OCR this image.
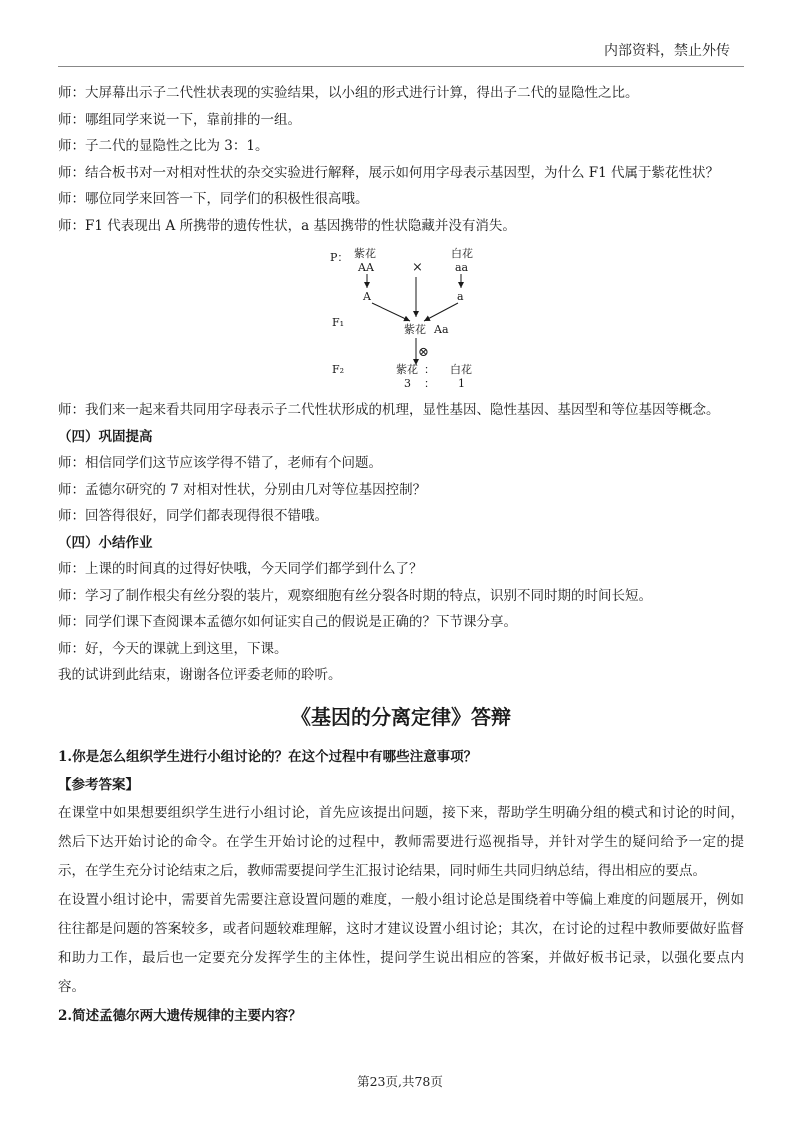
内部资料，禁止外传

师：大屏幕出示子二代性状表现的实验结果，以小组的形式进行计算，得出子二代的显隐性之比。

师：哪组同学来说一下，靠前排的一组。

师：子二代的显隐性之比为 3：1。

师：结合板书对一对相对性状的杂交实验进行解释，展示如何用字母表示基因型，为什么 F1 代属于紫花性状？

师：哪位同学来回答一下，同学们的积极性很高哦。

师：F1 代表现出 A 所携带的遗传性状，a 基因携带的性状隐藏并没有消失。

P：
F₁
F₂
紫花
AA
A
×
白花
aa
a
紫花 Aa
⊗
紫花 ： 白花
3 ： 1

师：我们来一起来看共同用字母表示子二代性状形成的机理，显性基因、隐性基因、基因型和等位基因等概念。

（四）巩固提高

师：相信同学们这节应该学得不错了，老师有个问题。

师：孟德尔研究的 7 对相对性状，分别由几对等位基因控制？

师：回答得很好，同学们都表现得很不错哦。

（四）小结作业

师：上课的时间真的过得好快哦，今天同学们都学到什么了？

师：学习了制作根尖有丝分裂的装片，观察细胞有丝分裂各时期的特点，识别不同时期的时间长短。

师：同学们课下查阅课本孟德尔如何证实自己的假说是正确的？下节课分享。

师：好，今天的课就上到这里，下课。

我的试讲到此结束，谢谢各位评委老师的聆听。

《基因的分离定律》答辩

1.你是怎么组织学生进行小组讨论的？在这个过程中有哪些注意事项？

【参考答案】

在课堂中如果想要组织学生进行小组讨论，首先应该提出问题，接下来，帮助学生明确分组的模式和讨论的时间，然后下达开始讨论的命令。在学生开始讨论的过程中，教师需要进行巡视指导，并针对学生的疑问给予一定的提示，在学生充分讨论结束之后，教师需要提问学生汇报讨论结果，同时师生共同归纳总结，得出相应的要点。

在设置小组讨论中，需要首先需要注意设置问题的难度，一般小组讨论总是围绕着中等偏上难度的问题展开，例如往往都是问题的答案较多，或者问题较难理解，这时才建议设置小组讨论；其次，在讨论的过程中教师要做好监督和助力工作，最后也一定要充分发挥学生的主体性，提问学生说出相应的答案，并做好板书记录，以强化要点内容。

2.简述孟德尔两大遗传规律的主要内容？

第23页,共78页
